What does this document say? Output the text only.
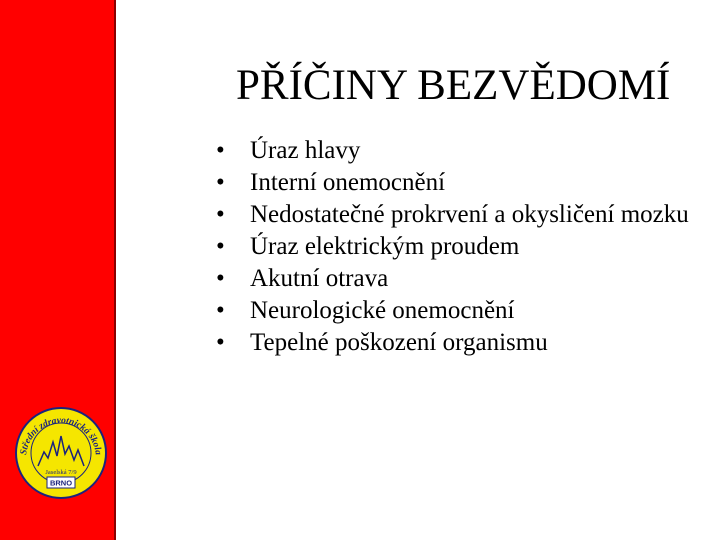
Střední zdravotnická škola
Jaselská 7/9
BRNO
PŘÍČINY BEZVĚDOMÍ
• Úraz hlavy
• Interní onemocnění
• Nedostatečné prokrvení a okysličení mozku
• Úraz elektrickým proudem
• Akutní otrava
• Neurologické onemocnění
• Tepelné poškození organismu
